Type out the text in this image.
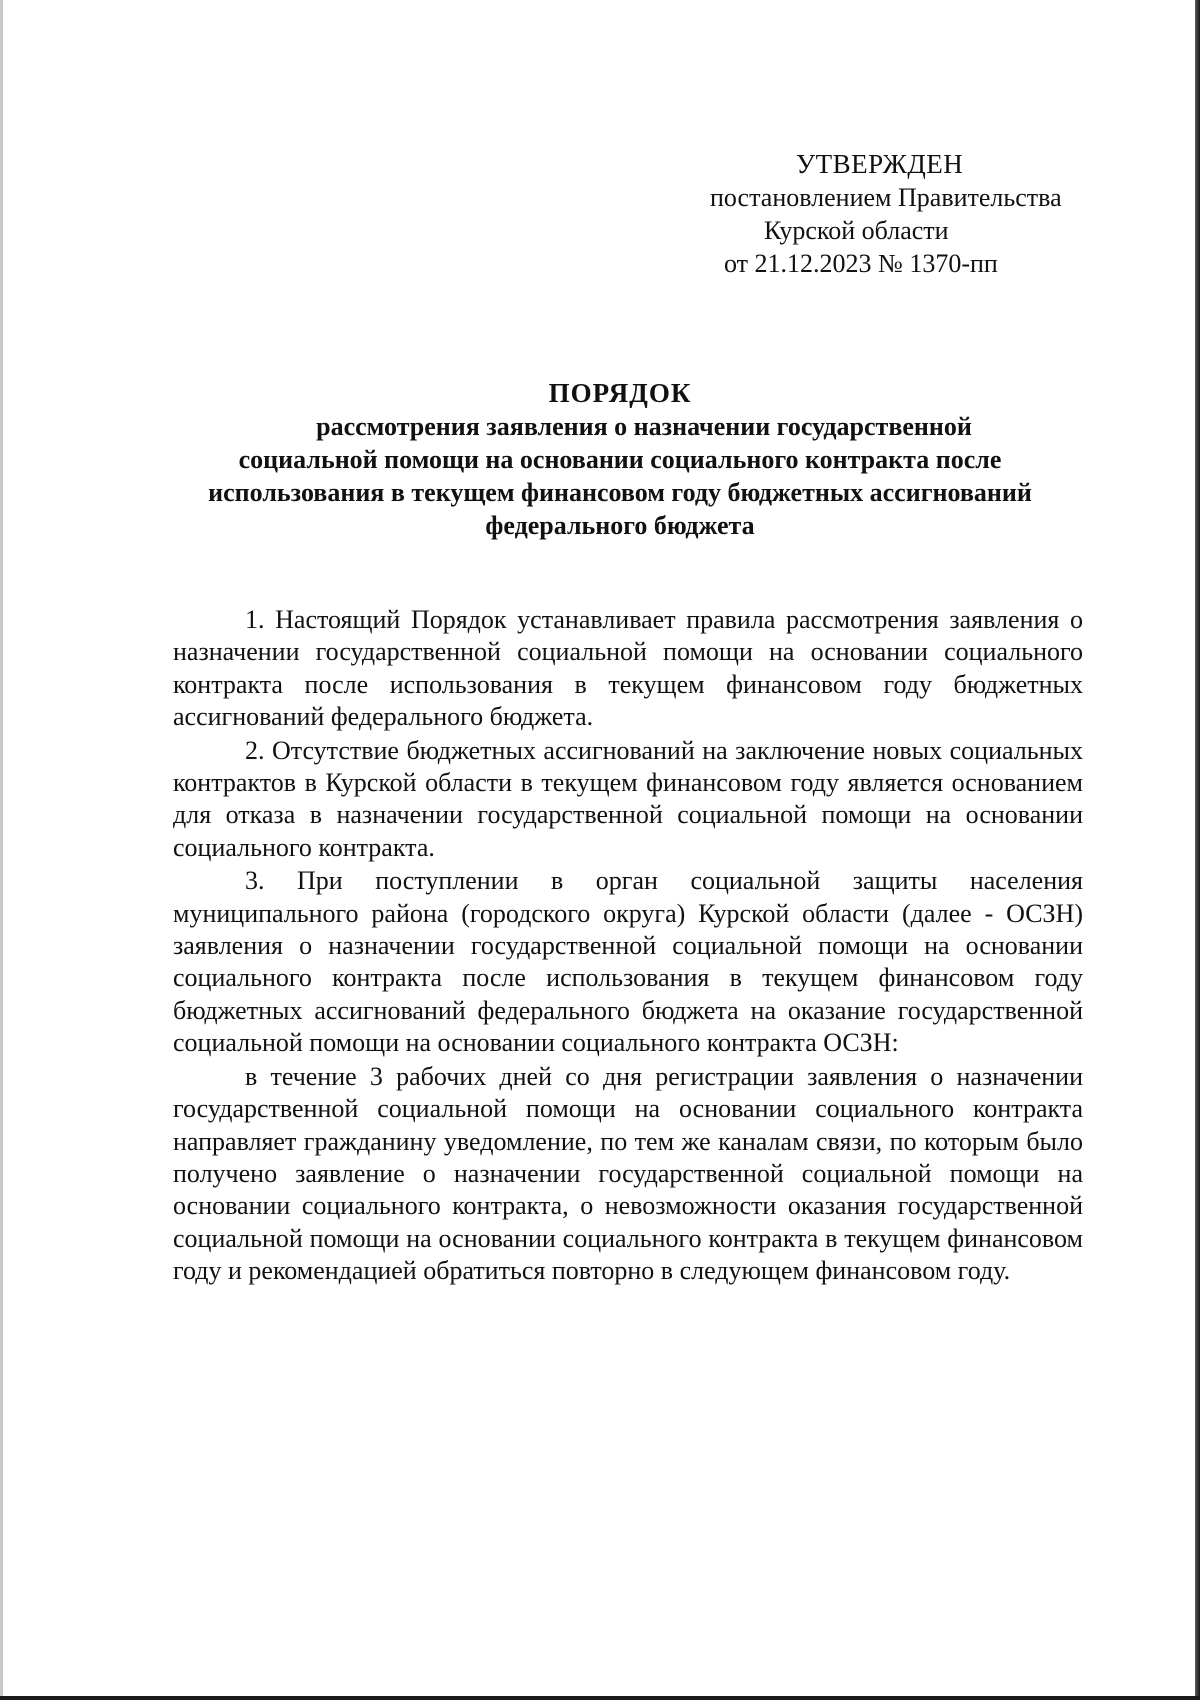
УТВЕРЖДЕН
постановлением Правительства
Курской области
от 21.12.2023 № 1370-пп
ПОРЯДОК
рассмотрения заявления о назначении государственной
социальной помощи на основании социального контракта после
использования в текущем финансовом году бюджетных ассигнований
федерального бюджета

1. Настоящий Порядок устанавливает правила рассмотрения заявления о назначении государственной социальной помощи на основании социального контракта после использования в текущем финансовом году бюджетных ассигнований федерального бюджета.

2. Отсутствие бюджетных ассигнований на заключение новых социальных контрактов в Курской области в текущем финансовом году является основанием для отказа в назначении государственной социальной помощи на основании социального контракта.

3. При поступлении в орган социальной защиты населения муниципального района (городского округа) Курской области (далее - ОСЗН) заявления о назначении государственной социальной помощи на основании социального контракта после использования в текущем финансовом году бюджетных ассигнований федерального бюджета на оказание государственной социальной помощи на основании социального контракта ОСЗН:

в течение 3 рабочих дней со дня регистрации заявления о назначении государственной социальной помощи на основании социального контракта направляет гражданину уведомление, по тем же каналам связи, по которым было получено заявление о назначении государственной социальной помощи на основании социального контракта, о невозможности оказания государственной социальной помощи на основании социального контракта в текущем финансовом году и рекомендацией обратиться повторно в следующем финансовом году.
